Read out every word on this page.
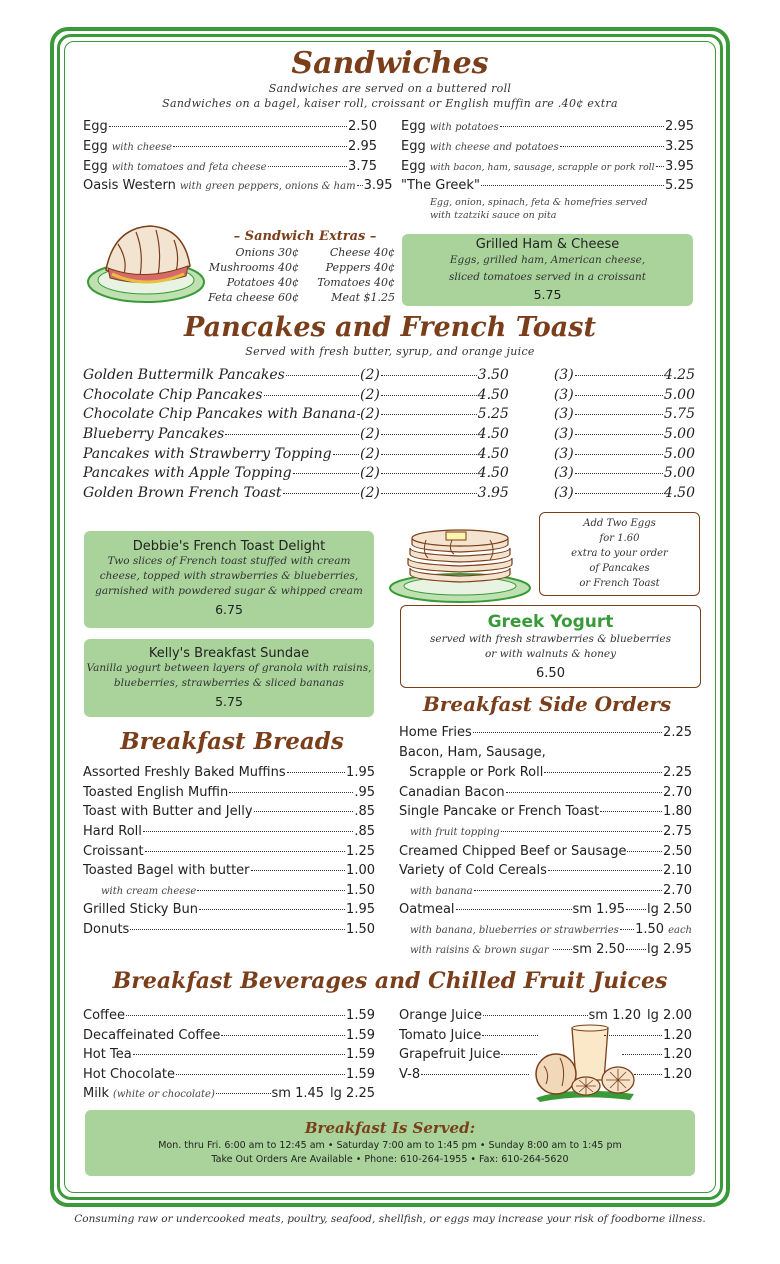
Sandwiches
Sandwiches are served on a buttered roll
Sandwiches on a bagel, kaiser roll, croissant or English muffin are .40¢ extra
Egg	2.50
Egg with cheese	2.95
Egg with tomatoes and feta cheese	3.75
Oasis Western with green peppers, onions & ham 3.95
Egg with potatoes	2.95
Egg with cheese and potatoes	3.25
Egg with bacon, ham, sausage, scrapple or pork roll 3.95
"The Greek"	5.25
Egg, onion, spinach, feta & homefries served
with tzatziki sauce on pita
– Sandwich Extras –
Onions 30¢	Cheese 40¢
Mushrooms 40¢ Peppers 40¢
Potatoes 40¢ Tomatoes 40¢
Feta cheese 60¢	Meat $1.25
Grilled Ham & Cheese
Eggs, grilled ham, American cheese,
sliced tomatoes served in a croissant
5.75
Pancakes and French Toast
Served with fresh butter, syrup, and orange juice
Golden Buttermilk Pancakes	(2)	3.50	(3)	4.25
Chocolate Chip Pancakes	(2)	4.50	(3)	5.00
Chocolate Chip Pancakes with Banana (2)	5.25	(3)	5.75
Blueberry Pancakes	(2)	4.50	(3)	5.00
Pancakes with Strawberry Topping (2)	4.50	(3)	5.00
Pancakes with Apple Topping	(2)	4.50	(3)	5.00
Golden Brown French Toast	(2)	3.95	(3)	4.50
Debbie's French Toast Delight
Two slices of French toast stuffed with cream
cheese, topped with strawberries & blueberries,
garnished with powdered sugar & whipped cream
6.75
Kelly's Breakfast Sundae
Vanilla yogurt between layers of granola with raisins,
blueberries, strawberries & sliced bananas
5.75
Add Two Eggs
for 1.60
extra to your order
of Pancakes
or French Toast
Greek Yogurt
served with fresh strawberries & blueberries
or with walnuts & honey
6.50
Breakfast Breads
Assorted Freshly Baked Muffins	1.95
Toasted English Muffin	.95
Toast with Butter and Jelly	.85
Hard Roll	.85
Croissant	1.25
Toasted Bagel with butter	1.00
with cream cheese	1.50
Grilled Sticky Bun	1.95
Donuts	1.50
Breakfast Side Orders
Home Fries	2.25
Bacon, Ham, Sausage,
Scrapple or Pork Roll	2.25
Canadian Bacon	2.70
Single Pancake or French Toast	1.80
with fruit topping	2.75
Creamed Chipped Beef or Sausage	2.50
Variety of Cold Cereals	2.10
with banana	2.70
Oatmeal	sm 1.95 lg 2.50
with banana, blueberries or strawberries 1.50 each
with raisins & brown sugar sm 2.50 lg 2.95
Breakfast Beverages and Chilled Fruit Juices
Coffee	1.59
Decaffeinated Coffee	1.59
Hot Tea	1.59
Hot Chocolate	1.59
Milk (white or chocolate)	sm 1.45 lg 2.25
Orange Juice	sm 1.20 lg 2.00
Tomato Juice	1.20
Grapefruit Juice	1.20
V-8	1.20
Breakfast Is Served:
Mon. thru Fri. 6:00 am to 12:45 am • Saturday 7:00 am to 1:45 pm • Sunday 8:00 am to 1:45 pm
Take Out Orders Are Available • Phone: 610-264-1955 • Fax: 610-264-5620
Consuming raw or undercooked meats, poultry, seafood, shellfish, or eggs may increase your risk of foodborne illness.
